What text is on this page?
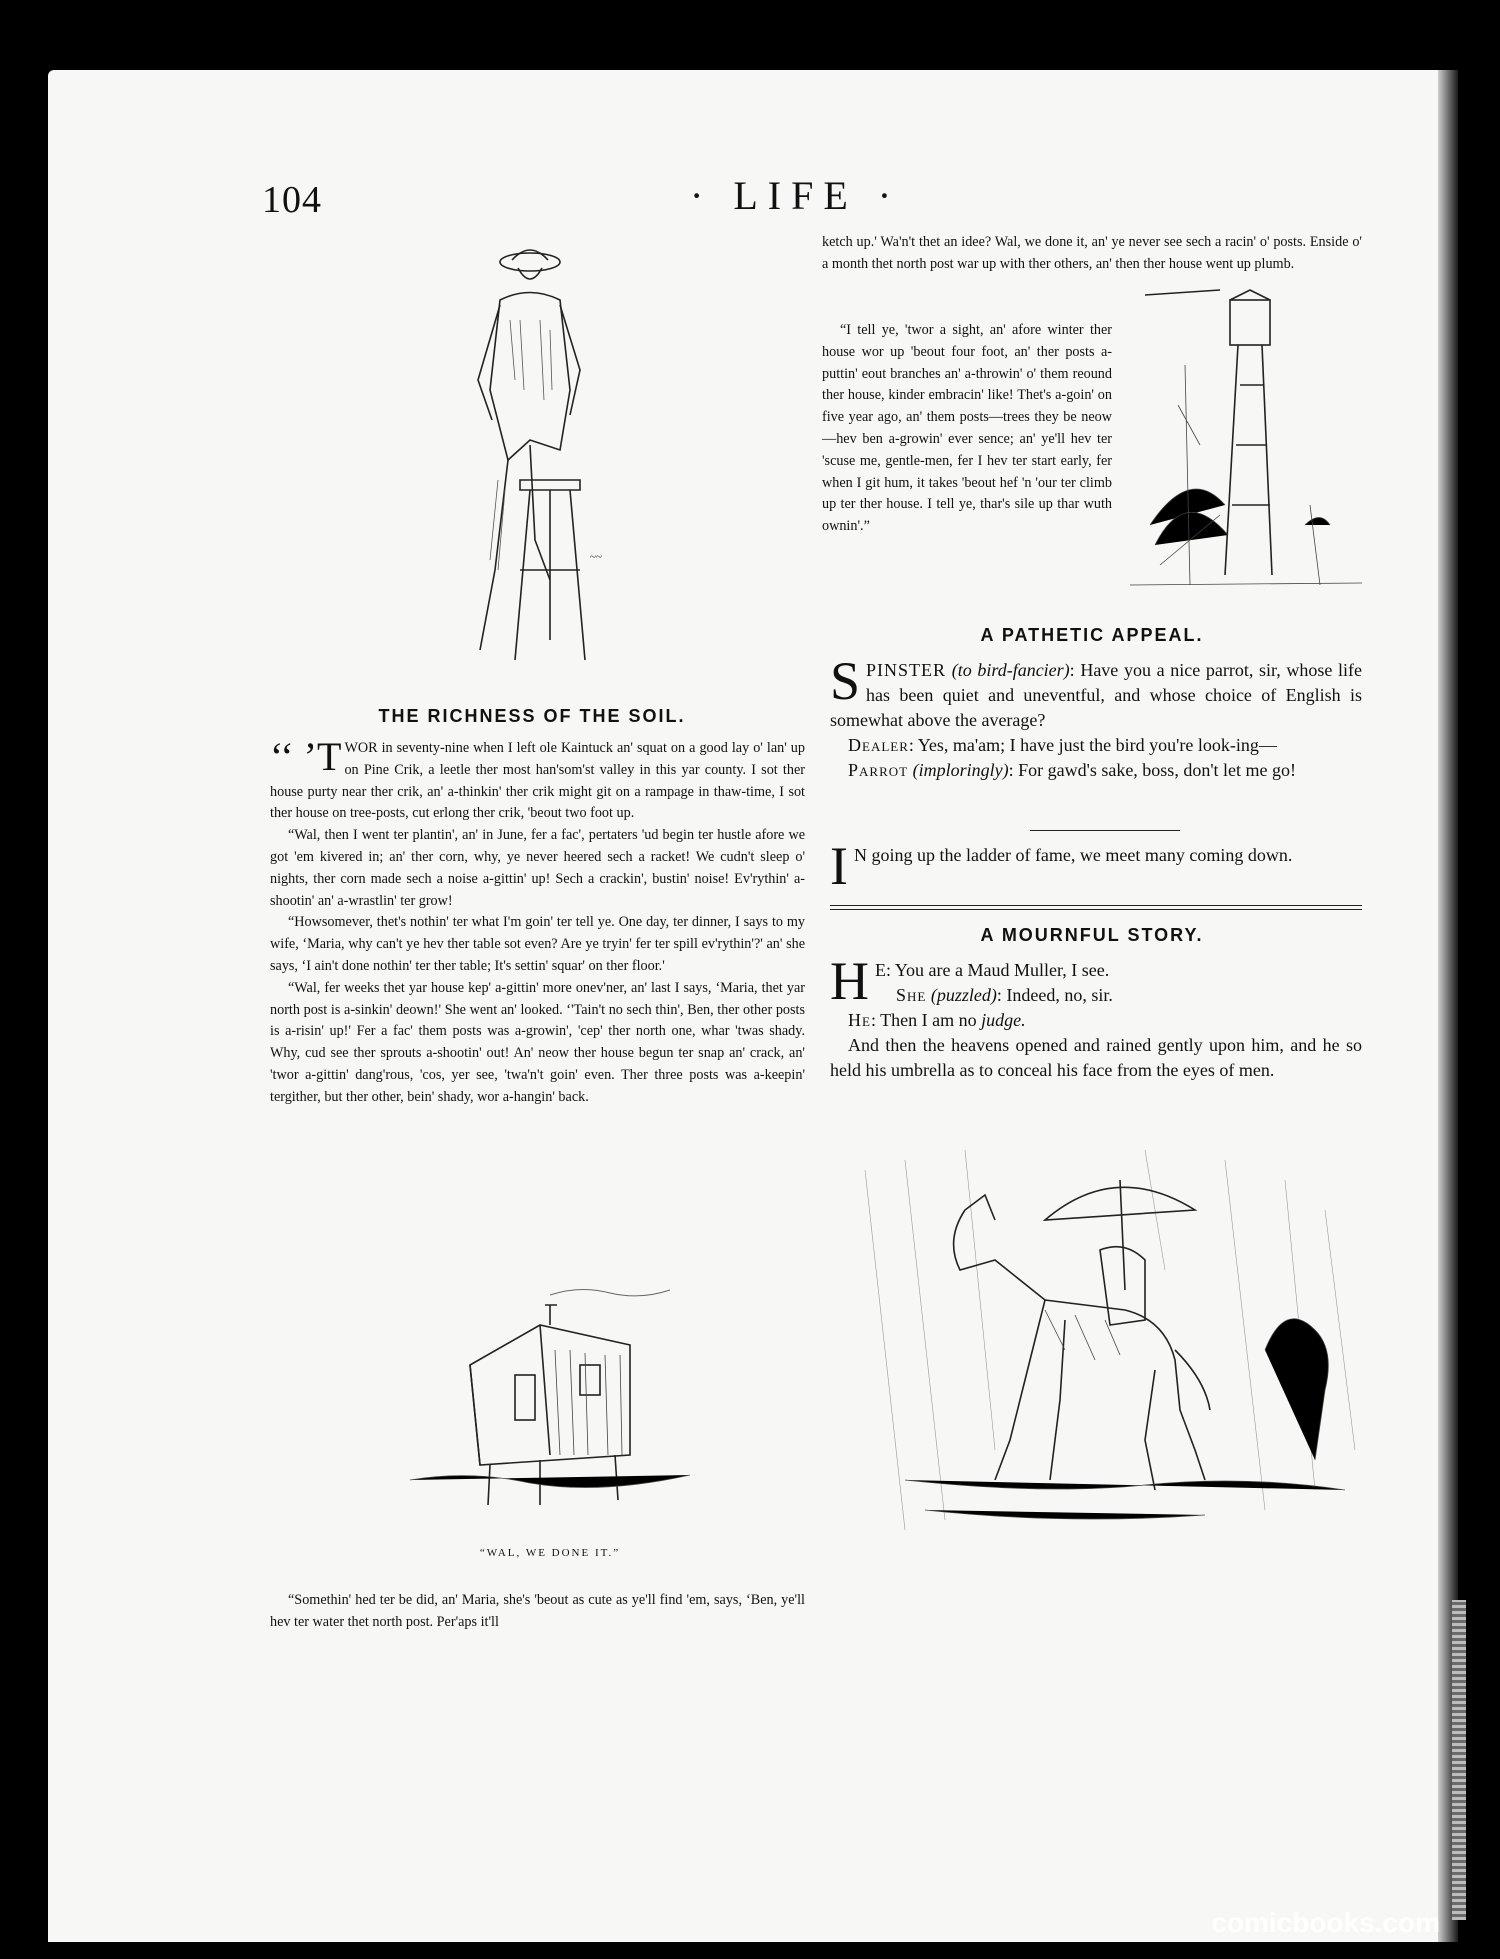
104	· LIFE ·
~~
THE RICHNESS OF THE SOIL.

‘‘ ’T WOR in seventy-nine when I left ole Kaintuck an' squat on a good lay o' lan' up on Pine Crik, a leetle ther most han'som'st valley in this yar county. I sot ther house purty near ther crik, an' a-thinkin' ther crik might git on a rampage in thaw-time, I sot ther house on tree-posts, cut erlong ther crik, 'beout two foot up.

“Wal, then I went ter plantin', an' in June, fer a fac', pertaters 'ud begin ter hustle afore we got 'em kivered in; an' ther corn, why, ye never heered sech a racket! We cudn't sleep o' nights, ther corn made sech a noise a-gittin' up! Sech a crackin', bustin' noise! Ev'rythin' a-shootin' an' a-wrastlin' ter grow!

“Howsomever, thet's nothin' ter what I'm goin' ter tell ye. One day, ter dinner, I says to my wife, ‘Maria, why can't ye hev ther table sot even? Are ye tryin' fer ter spill ev'rythin'?' an' she says, ‘I ain't done nothin' ter ther table; It's settin' squar' on ther floor.'

“Wal, fer weeks thet yar house kep' a-gittin' more onev'ner, an' last I says, ‘Maria, thet yar north post is a-sinkin' deown!' She went an' looked. ‘'Tain't no sech thin', Ben, ther other posts is a-risin' up!' Fer a fac' them posts was a-growin', 'cep' ther north one, whar 'twas shady. Why, cud see ther sprouts a-shootin' out! An' neow ther house begun ter snap an' crack, an' 'twor a-gittin' dang'rous, 'cos, yer see, 'twa'n't goin' even. Ther three posts was a-keepin' tergither, but ther other, bein' shady, wor a-hangin' back.

“WAL, WE DONE IT.”

“Somethin' hed ter be did, an' Maria, she's 'beout as cute as ye'll find 'em, says, ‘Ben, ye'll hev ter water thet north post. Per'aps it'll

ketch up.' Wa'n't thet an idee? Wal, we done it, an' ye never see sech a racin' o' posts. Enside o' a month thet north post war up with ther others, an' then ther house went up plumb.

“I tell ye, 'twor a sight, an' afore winter ther house wor up 'beout four foot, an' ther posts a-puttin' eout branches an' a-throwin' o' them reound ther house, kinder embracin' like! Thet's a-goin' on five year ago, an' them posts—trees they be neow—hev ben a-growin' ever sence; an' ye'll hev ter 'scuse me, gentle-men, fer I hev ter start early, fer when I git hum, it takes 'beout hef 'n 'our ter climb up ter ther house. I tell ye, thar's sile up thar wuth ownin'.”

A PATHETIC APPEAL.

SPINSTER (to bird-fancier): Have you a nice parrot, sir, whose life has been quiet and uneventful, and whose choice of English is somewhat above the average?

Dealer: Yes, ma'am; I have just the bird you're look-ing—

Parrot (imploringly): For gawd's sake, boss, don't let me go!

I N going up the ladder of fame, we meet many coming down.

A MOURNFUL STORY.

H E: You are a Maud Muller, I see.

She (puzzled): Indeed, no, sir.

He: Then I am no judge.

And then the heavens opened and rained gently upon him, and he so held his umbrella as to conceal his face from the eyes of men.

comicbooks.com
